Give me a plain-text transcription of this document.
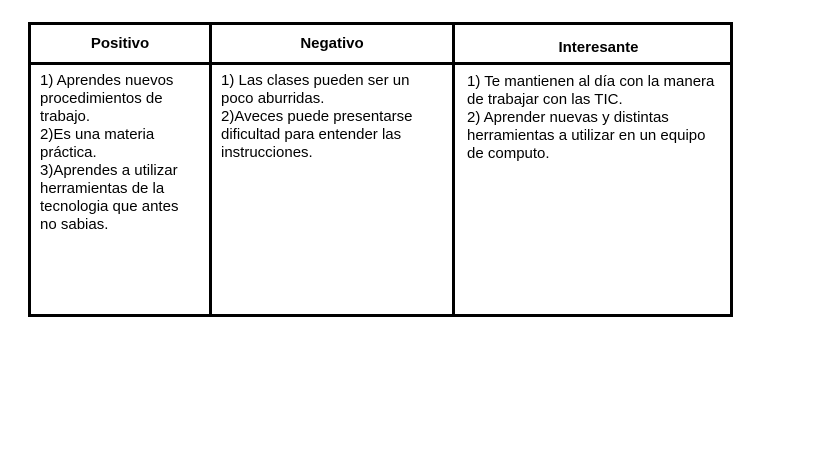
Positivo	Negativo	Interesante
1) Aprendes nuevos
procedimientos de
trabajo.
2)Es una materia
práctica.
3)Aprendes a utilizar
herramientas de la
tecnologia que antes
no sabias.
1) Las clases pueden ser un
poco aburridas.
2)Aveces puede presentarse
dificultad para entender las
instrucciones.
1) Te mantienen al día con la manera
de trabajar con las TIC.
2) Aprender nuevas y distintas
herramientas a utilizar en un equipo
de computo.
